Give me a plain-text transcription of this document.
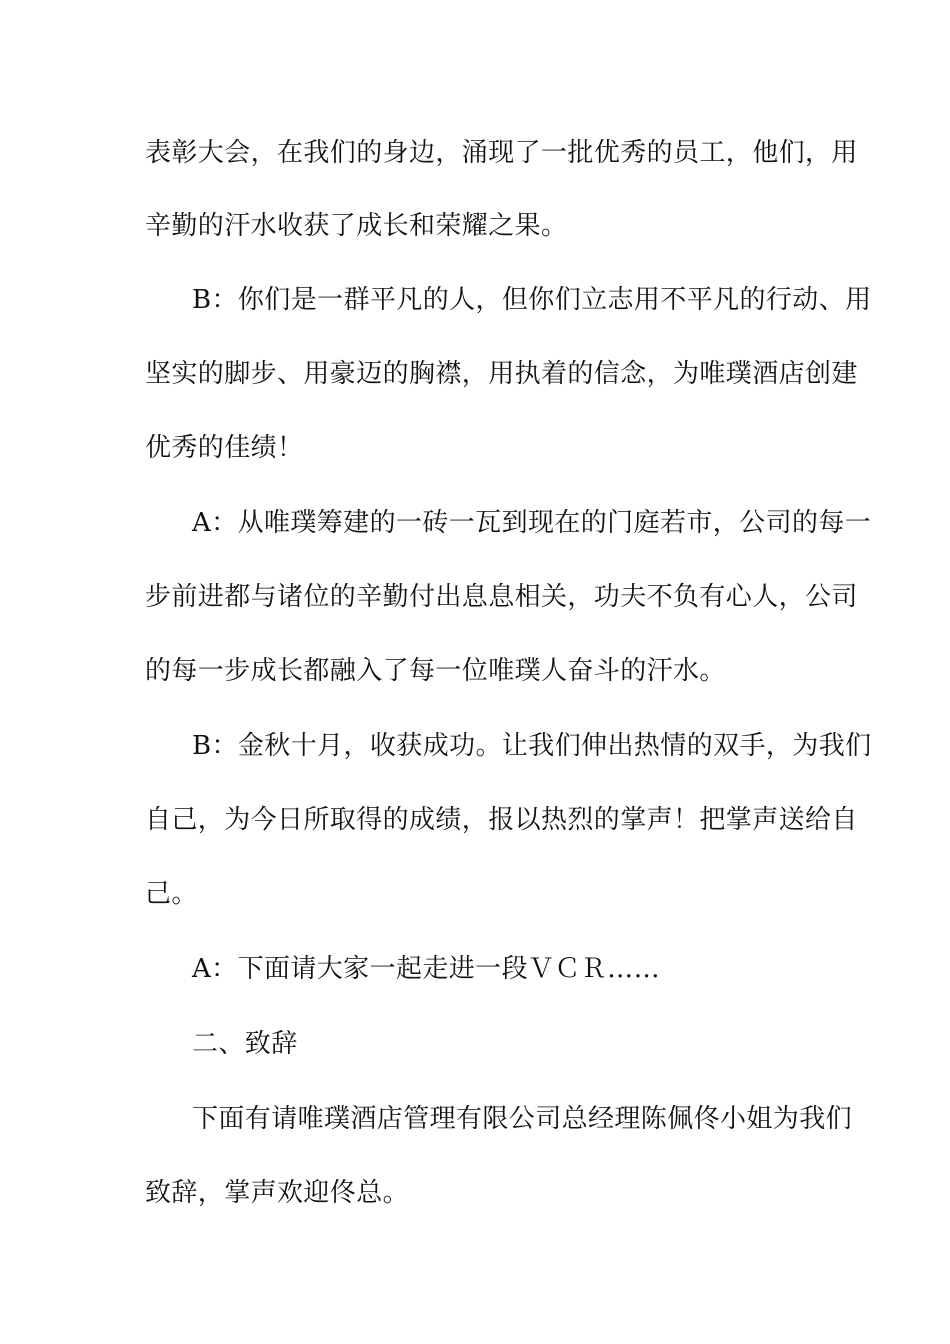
表彰大会，在我们的身边，涌现了一批优秀的员工，他们，用
辛勤的汗水收获了成长和荣耀之果。
B：你们是一群平凡的人，但你们立志用不平凡的行动、用
坚实的脚步、用豪迈的胸襟，用执着的信念，为唯璞酒店创建
优秀的佳绩！
A：从唯璞筹建的一砖一瓦到现在的门庭若市，公司的每一
步前进都与诸位的辛勤付出息息相关，功夫不负有心人，公司
的每一步成长都融入了每一位唯璞人奋斗的汗水。
B：金秋十月，收获成功。让我们伸出热情的双手，为我们
自己，为今日所取得的成绩，报以热烈的掌声！把掌声送给自
己。
A：下面请大家一起走进一段ＶＣＲ……
二、致辞
下面有请唯璞酒店管理有限公司总经理陈佩佟小姐为我们
致辞，掌声欢迎佟总。
